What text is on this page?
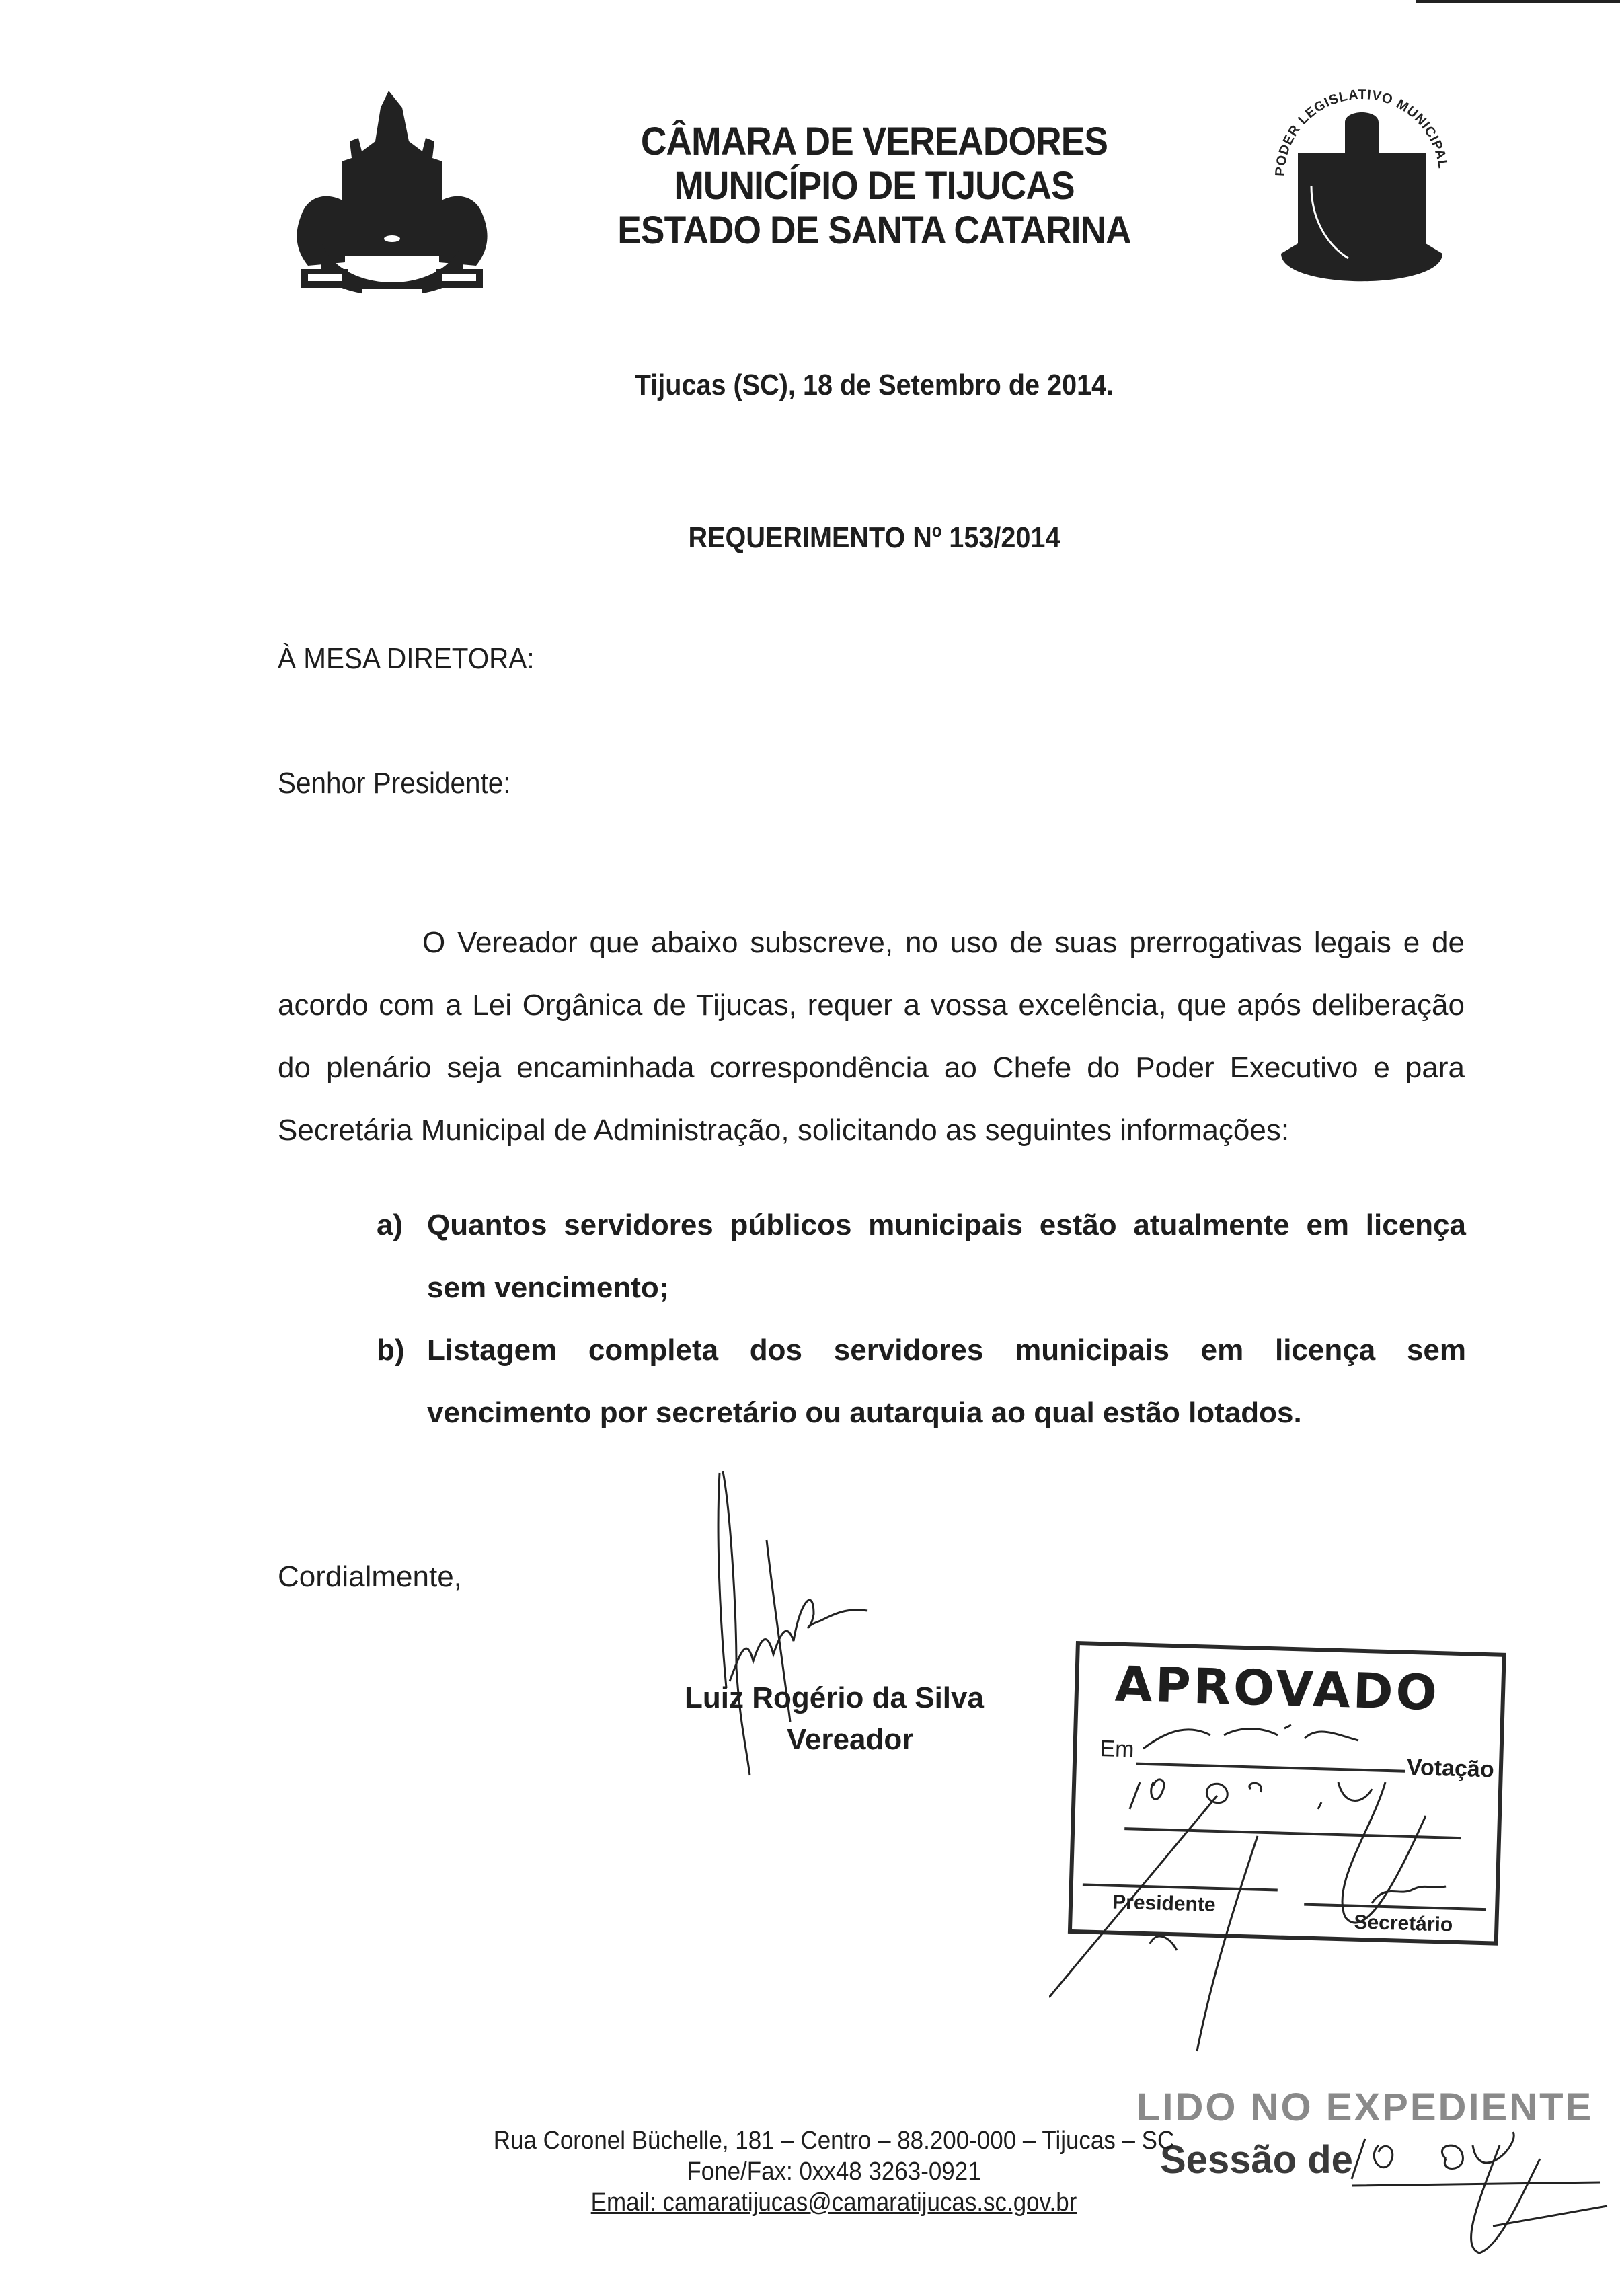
CÂMARA DE VEREADORES
MUNICÍPIO DE TIJUCAS
ESTADO DE SANTA CATARINA
PODER LEGISLATIVO MUNICIPAL
Tijucas (SC), 18 de Setembro de 2014.
REQUERIMENTO Nº 153/2014
À MESA DIRETORA:
Senhor Presidente:
O Vereador que abaixo subscreve, no uso de suas prerrogativas legais e de acordo com a Lei Orgânica de Tijucas, requer a vossa excelência, que após deliberação do plenário seja encaminhada correspondência ao Chefe do Poder Executivo e para Secretária Municipal de Administração, solicitando as seguintes informações:
a) Quantos servidores públicos municipais estão atualmente em licença sem vencimento;
b) Listagem completa dos servidores municipais em licença sem vencimento por secretário ou autarquia ao qual estão lotados.
Cordialmente,
Luiz Rogério da Silva
Vereador
APROVADO
Em
Votação
Presidente
Secretário
LIDO NO EXPEDIENTE
Sessão de
Rua Coronel Büchelle, 181 – Centro – 88.200-000 – Tijucas – SC
Fone/Fax: 0xx48 3263-0921
Email: camaratijucas@camaratijucas.sc.gov.br
